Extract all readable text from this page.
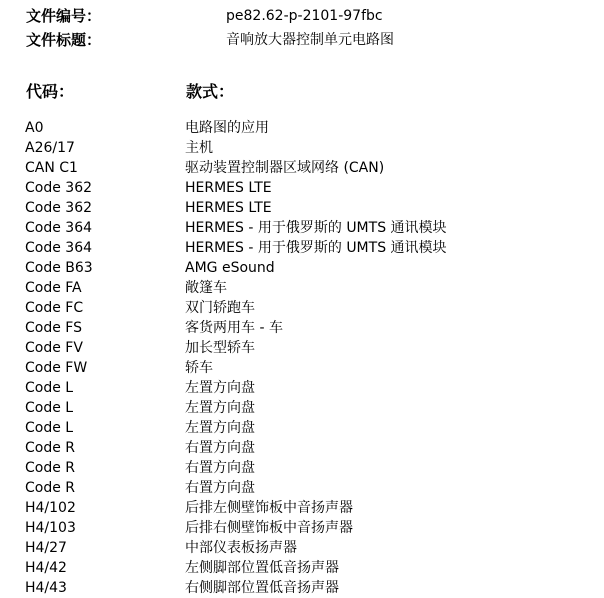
文件编号：	pe82.62-p-2101-97fbc
文件标题：	音响放大器控制单元电路图
代码：	款式：
A0	电路图的应用
A26/17	主机
CAN C1	驱动装置控制器区域网络 (CAN)
Code 362	HERMES LTE
Code 362	HERMES LTE
Code 364	HERMES - 用于俄罗斯的 UMTS 通讯模块
Code 364	HERMES - 用于俄罗斯的 UMTS 通讯模块
Code B63	AMG eSound
Code FA	敞篷车
Code FC	双门轿跑车
Code FS	客货两用车 - 车
Code FV	加长型轿车
Code FW	轿车
Code L	左置方向盘
Code L	左置方向盘
Code L	左置方向盘
Code R	右置方向盘
Code R	右置方向盘
Code R	右置方向盘
H4/102	后排左侧壁饰板中音扬声器
H4/103	后排右侧壁饰板中音扬声器
H4/27	中部仪表板扬声器
H4/42	左侧脚部位置低音扬声器
H4/43	右侧脚部位置低音扬声器
